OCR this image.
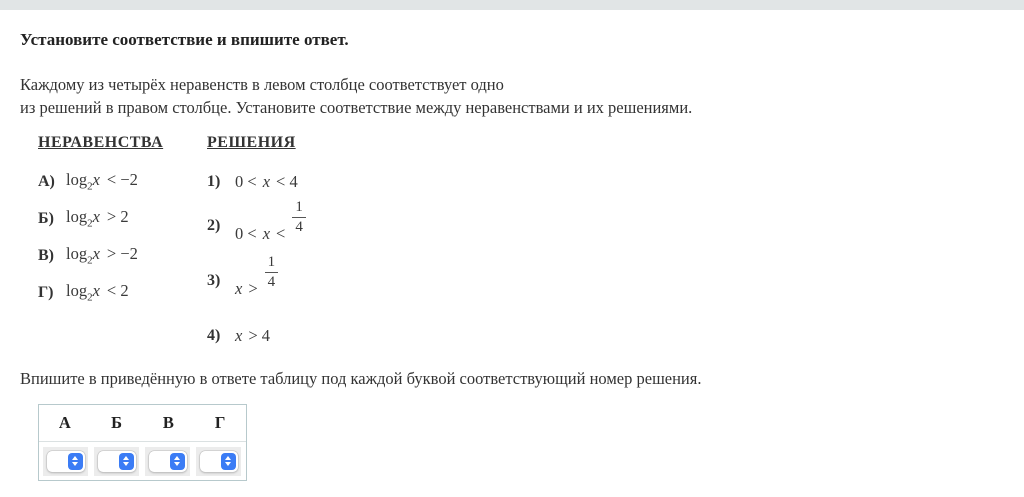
Установите соответствие и впишите ответ.
Каждому из четырёх неравенств в левом столбце соответствует одно
из решений в правом столбце. Установите соответствие между неравенствами и их решениями.
НЕРАВЕНСТВА
А) $\log_2x < -2$
Б) $\log_2x > 2$
В) $\log_2x > -2$
Г) $\log_2x < 2$
РЕШЕНИЯ
1) 0 < x < 4
2) $0 < x < \frac{1}{4}$
3) $x > \frac{1}{4}$
4) x > 4
Впишите в приведённую в ответе таблицу под каждой буквой соответствующий номер решения.
А	Б	В	Г
